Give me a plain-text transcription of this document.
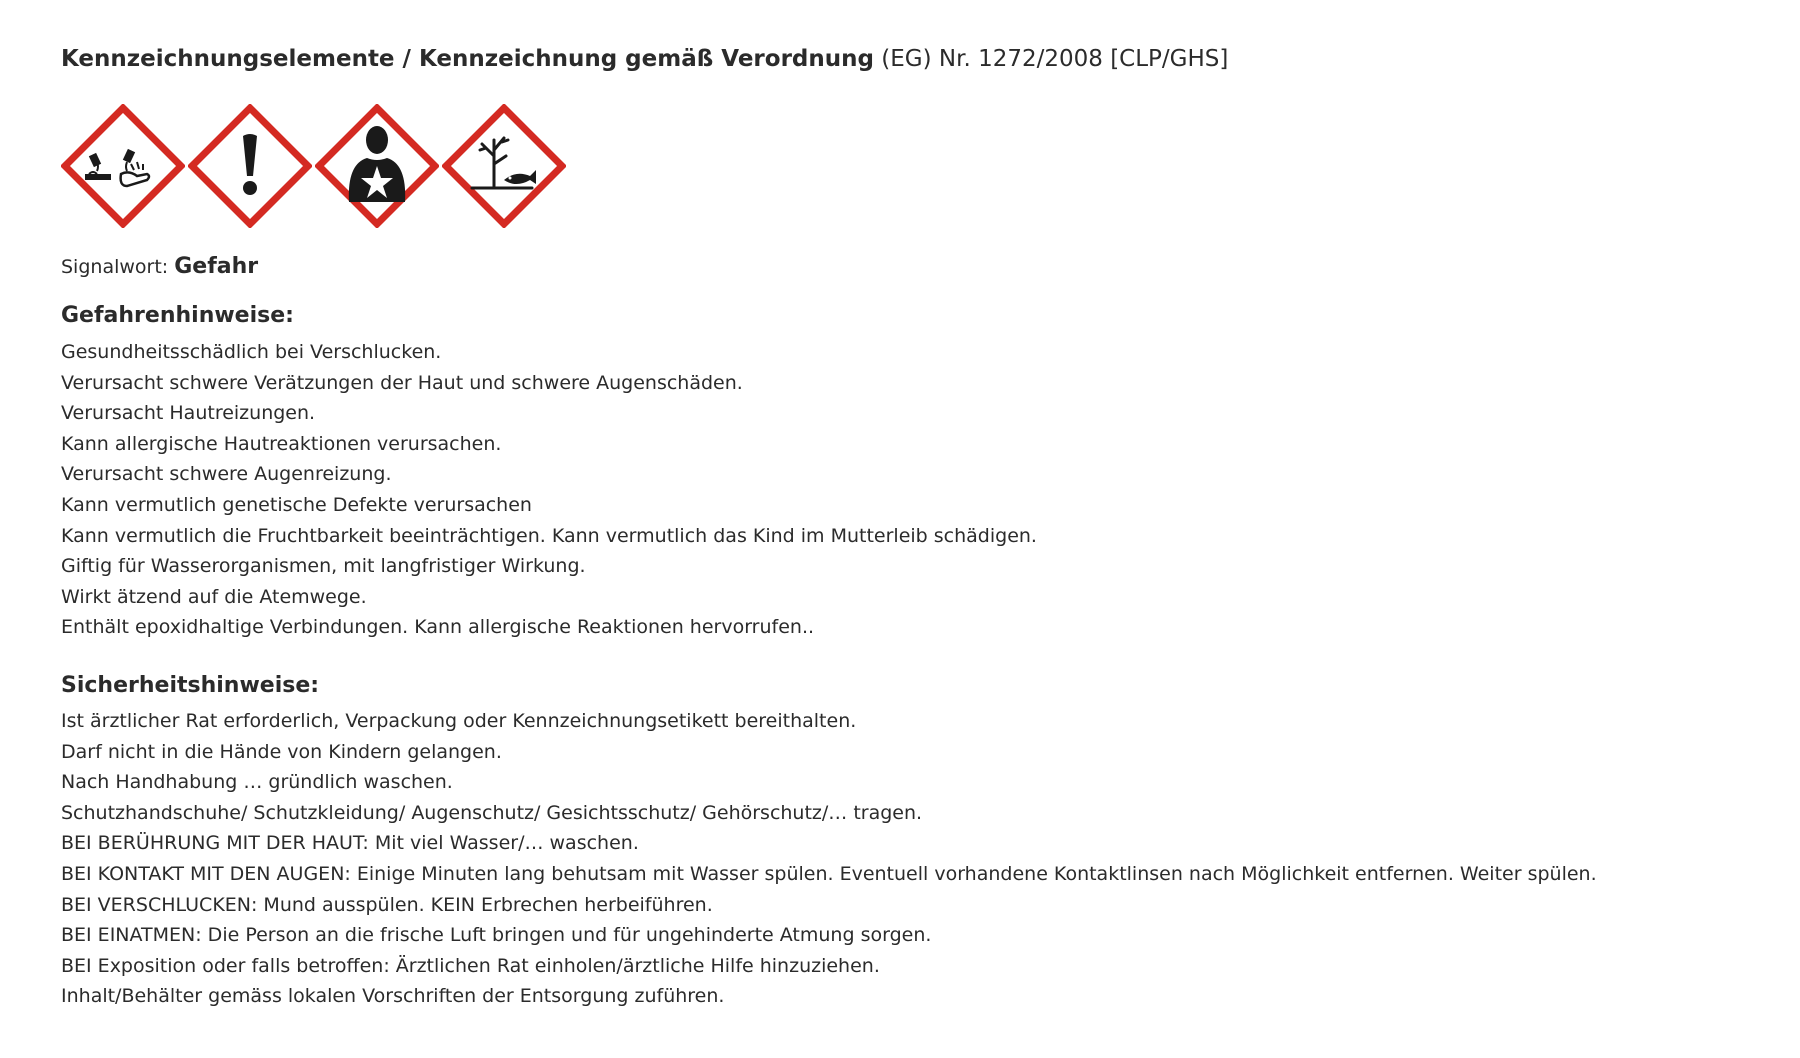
Kennzeichnungselemente / Kennzeichnung gemäß Verordnung (EG) Nr. 1272/2008 [CLP/GHS]
Signalwort: Gefahr
Gefahrenhinweise:
Gesundheitsschädlich bei Verschlucken.
Verursacht schwere Verätzungen der Haut und schwere Augenschäden.
Verursacht Hautreizungen.
Kann allergische Hautreaktionen verursachen.
Verursacht schwere Augenreizung.
Kann vermutlich genetische Defekte verursachen
Kann vermutlich die Fruchtbarkeit beeinträchtigen. Kann vermutlich das Kind im Mutterleib schädigen.
Giftig für Wasserorganismen, mit langfristiger Wirkung.
Wirkt ätzend auf die Atemwege.
Enthält epoxidhaltige Verbindungen. Kann allergische Reaktionen hervorrufen..
Sicherheitshinweise:
Ist ärztlicher Rat erforderlich, Verpackung oder Kennzeichnungsetikett bereithalten.
Darf nicht in die Hände von Kindern gelangen.
Nach Handhabung … gründlich waschen.
Schutzhandschuhe/ Schutzkleidung/ Augenschutz/ Gesichtsschutz/ Gehörschutz/… tragen.
BEI BERÜHRUNG MIT DER HAUT: Mit viel Wasser/… waschen.
BEI KONTAKT MIT DEN AUGEN: Einige Minuten lang behutsam mit Wasser spülen. Eventuell vorhandene Kontaktlinsen nach Möglichkeit entfernen. Weiter spülen.
BEI VERSCHLUCKEN: Mund ausspülen. KEIN Erbrechen herbeiführen.
BEI EINATMEN: Die Person an die frische Luft bringen und für ungehinderte Atmung sorgen.
BEI Exposition oder falls betroffen: Ärztlichen Rat einholen/ärztliche Hilfe hinzuziehen.
Inhalt/Behälter gemäss lokalen Vorschriften der Entsorgung zuführen.
